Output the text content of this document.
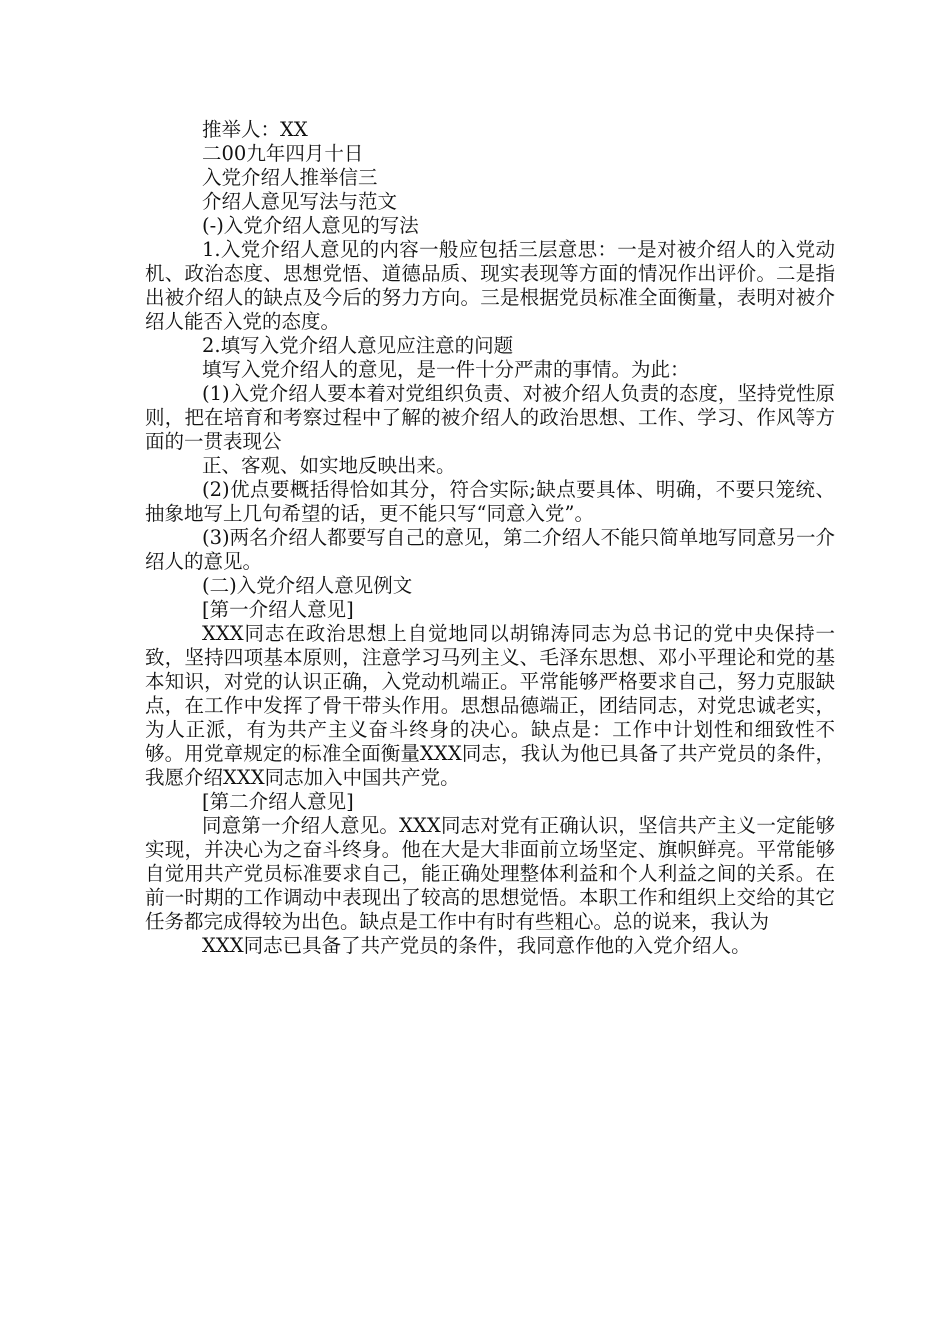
推举人：XX

二00九年四月十日

入党介绍人推举信三

介绍人意见写法与范文

(-)入党介绍人意见的写法

1.入党介绍人意见的内容一般应包括三层意思：一是对被介绍人的入党动机、政治态度、思想党悟、道德品质、现实表现等方面的情况作出评价。二是指出被介绍人的缺点及今后的努力方向。三是根据党员标准全面衡量，表明对被介绍人能否入党的态度。

2.填写入党介绍人意见应注意的问题

填写入党介绍人的意见，是一件十分严肃的事情。为此：

(1)入党介绍人要本着对党组织负责、对被介绍人负责的态度，坚持党性原则，把在培育和考察过程中了解的被介绍人的政治思想、工作、学习、作风等方面的一贯表现公

正、客观、如实地反映出来。

(2)优点要概括得恰如其分，符合实际;缺点要具体、明确，不要只笼统、抽象地写上几句希望的话，更不能只写“同意入党”。

(3)两名介绍人都要写自己的意见，第二介绍人不能只简单地写同意另一介绍人的意见。

(二)入党介绍人意见例文

[第一介绍人意见]

XXX同志在政治思想上自觉地同以胡锦涛同志为总书记的党中央保持一致，坚持四项基本原则，注意学习马列主义、毛泽东思想、邓小平理论和党的基本知识，对党的认识正确，入党动机端正。平常能够严格要求自己，努力克服缺点，在工作中发挥了骨干带头作用。思想品德端正，团结同志，对党忠诚老实，为人正派，有为共产主义奋斗终身的决心。缺点是：工作中计划性和细致性不够。用党章规定的标准全面衡量XXX同志，我认为他已具备了共产党员的条件，我愿介绍XXX同志加入中国共产党。

[第二介绍人意见]

同意第一介绍人意见。XXX同志对党有正确认识，坚信共产主义一定能够实现，并决心为之奋斗终身。他在大是大非面前立场坚定、旗帜鲜亮。平常能够自觉用共产党员标准要求自己，能正确处理整体利益和个人利益之间的关系。在前一时期的工作调动中表现出了较高的思想觉悟。本职工作和组织上交给的其它任务都完成得较为出色。缺点是工作中有时有些粗心。总的说来，我认为

XXX同志已具备了共产党员的条件，我同意作他的入党介绍人。
